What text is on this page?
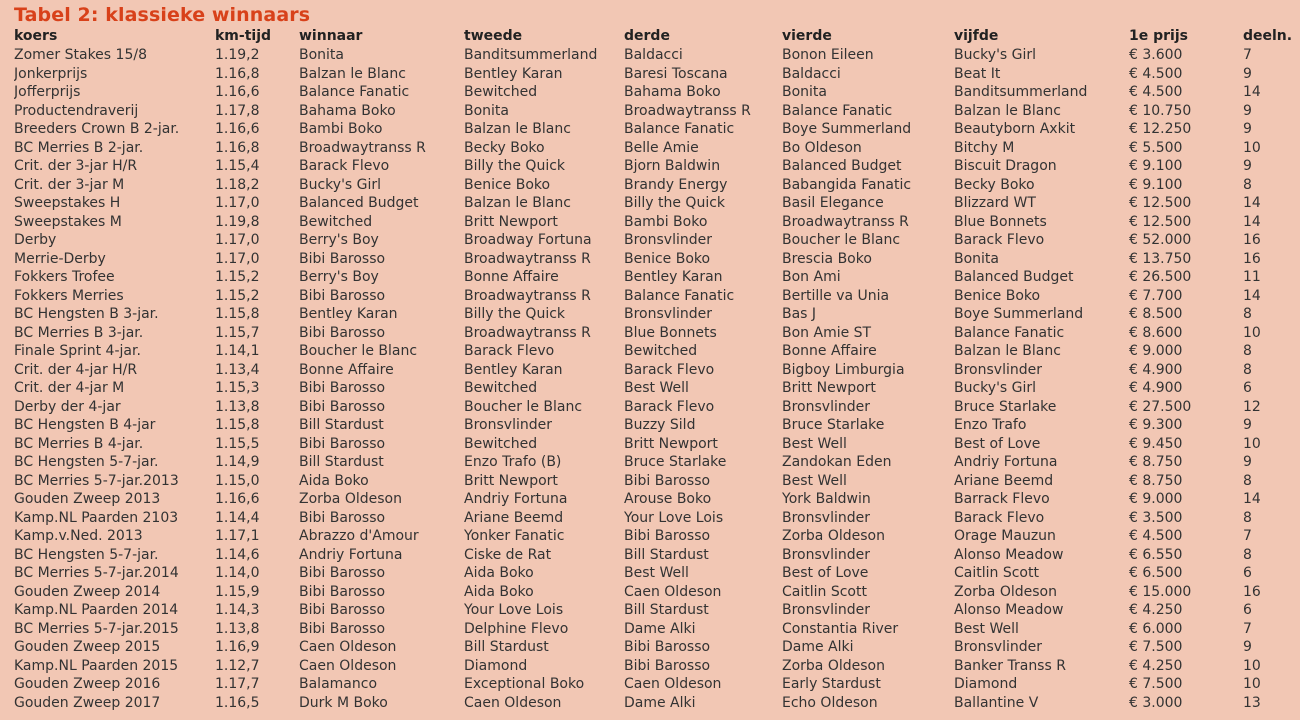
Tabel 2: klassieke winnaars
koers	km-tijd	winnaar	tweede	derde	vierde	vijfde	1e prijs	deeln.
Zomer Stakes 15/8	1.19,2	Bonita	Banditsummerland	Baldacci	Bonon Eileen	Bucky's Girl	€ 3.600	7
Jonkerprijs	1.16,8	Balzan le Blanc	Bentley Karan	Baresi Toscana	Baldacci	Beat It	€ 4.500	9
Jofferprijs	1.16,6	Balance Fanatic	Bewitched	Bahama Boko	Bonita	Banditsummerland	€ 4.500	14
Productendraverij	1.17,8	Bahama Boko	Bonita	Broadwaytranss R	Balance Fanatic	Balzan le Blanc	€ 10.750	9
Breeders Crown B 2-jar.	1.16,6	Bambi Boko	Balzan le Blanc	Balance Fanatic	Boye Summerland	Beautyborn Axkit	€ 12.250	9
BC Merries B 2-jar.	1.16,8	Broadwaytranss R	Becky Boko	Belle Amie	Bo Oldeson	Bitchy M	€ 5.500	10
Crit. der 3-jar H/R	1.15,4	Barack Flevo	Billy the Quick	Bjorn Baldwin	Balanced Budget	Biscuit Dragon	€ 9.100	9
Crit. der 3-jar M	1.18,2	Bucky's Girl	Benice Boko	Brandy Energy	Babangida Fanatic	Becky Boko	€ 9.100	8
Sweepstakes H	1.17,0	Balanced Budget	Balzan le Blanc	Billy the Quick	Basil Elegance	Blizzard WT	€ 12.500	14
Sweepstakes M	1.19,8	Bewitched	Britt Newport	Bambi Boko	Broadwaytranss R	Blue Bonnets	€ 12.500	14
Derby	1.17,0	Berry's Boy	Broadway Fortuna	Bronsvlinder	Boucher le Blanc	Barack Flevo	€ 52.000	16
Merrie-Derby	1.17,0	Bibi Barosso	Broadwaytranss R	Benice Boko	Brescia Boko	Bonita	€ 13.750	16
Fokkers Trofee	1.15,2	Berry's Boy	Bonne Affaire	Bentley Karan	Bon Ami	Balanced Budget	€ 26.500	11
Fokkers Merries	1.15,2	Bibi Barosso	Broadwaytranss R	Balance Fanatic	Bertille va Unia	Benice Boko	€ 7.700	14
BC Hengsten B 3-jar.	1.15,8	Bentley Karan	Billy the Quick	Bronsvlinder	Bas J	Boye Summerland	€ 8.500	8
BC Merries B 3-jar.	1.15,7	Bibi Barosso	Broadwaytranss R	Blue Bonnets	Bon Amie ST	Balance Fanatic	€ 8.600	10
Finale Sprint 4-jar.	1.14,1	Boucher le Blanc	Barack Flevo	Bewitched	Bonne Affaire	Balzan le Blanc	€ 9.000	8
Crit. der 4-jar H/R	1.13,4	Bonne Affaire	Bentley Karan	Barack Flevo	Bigboy Limburgia	Bronsvlinder	€ 4.900	8
Crit. der 4-jar M	1.15,3	Bibi Barosso	Bewitched	Best Well	Britt Newport	Bucky's Girl	€ 4.900	6
Derby der 4-jar	1.13,8	Bibi Barosso	Boucher le Blanc	Barack Flevo	Bronsvlinder	Bruce Starlake	€ 27.500	12
BC Hengsten B 4-jar	1.15,8	Bill Stardust	Bronsvlinder	Buzzy Sild	Bruce Starlake	Enzo Trafo	€ 9.300	9
BC Merries B 4-jar.	1.15,5	Bibi Barosso	Bewitched	Britt Newport	Best Well	Best of Love	€ 9.450	10
BC Hengsten 5-7-jar.	1.14,9	Bill Stardust	Enzo Trafo (B)	Bruce Starlake	Zandokan Eden	Andriy Fortuna	€ 8.750	9
BC Merries 5-7-jar.2013	1.15,0	Aida Boko	Britt Newport	Bibi Barosso	Best Well	Ariane Beemd	€ 8.750	8
Gouden Zweep 2013	1.16,6	Zorba Oldeson	Andriy Fortuna	Arouse Boko	York Baldwin	Barrack Flevo	€ 9.000	14
Kamp.NL Paarden 2103	1.14,4	Bibi Barosso	Ariane Beemd	Your Love Lois	Bronsvlinder	Barack Flevo	€ 3.500	8
Kamp.v.Ned. 2013	1.17,1	Abrazzo d'Amour	Yonker Fanatic	Bibi Barosso	Zorba Oldeson	Orage Mauzun	€ 4.500	7
BC Hengsten 5-7-jar.	1.14,6	Andriy Fortuna	Ciske de Rat	Bill Stardust	Bronsvlinder	Alonso Meadow	€ 6.550	8
BC Merries 5-7-jar.2014	1.14,0	Bibi Barosso	Aida Boko	Best Well	Best of Love	Caitlin Scott	€ 6.500	6
Gouden Zweep 2014	1.15,9	Bibi Barosso	Aida Boko	Caen Oldeson	Caitlin Scott	Zorba Oldeson	€ 15.000	16
Kamp.NL Paarden 2014	1.14,3	Bibi Barosso	Your Love Lois	Bill Stardust	Bronsvlinder	Alonso Meadow	€ 4.250	6
BC Merries 5-7-jar.2015	1.13,8	Bibi Barosso	Delphine Flevo	Dame Alki	Constantia River	Best Well	€ 6.000	7
Gouden Zweep 2015	1.16,9	Caen Oldeson	Bill Stardust	Bibi Barosso	Dame Alki	Bronsvlinder	€ 7.500	9
Kamp.NL Paarden 2015	1.12,7	Caen Oldeson	Diamond	Bibi Barosso	Zorba Oldeson	Banker Transs R	€ 4.250	10
Gouden Zweep 2016	1.17,7	Balamanco	Exceptional Boko	Caen Oldeson	Early Stardust	Diamond	€ 7.500	10
Gouden Zweep 2017	1.16,5	Durk M Boko	Caen Oldeson	Dame Alki	Echo Oldeson	Ballantine V	€ 3.000	13
